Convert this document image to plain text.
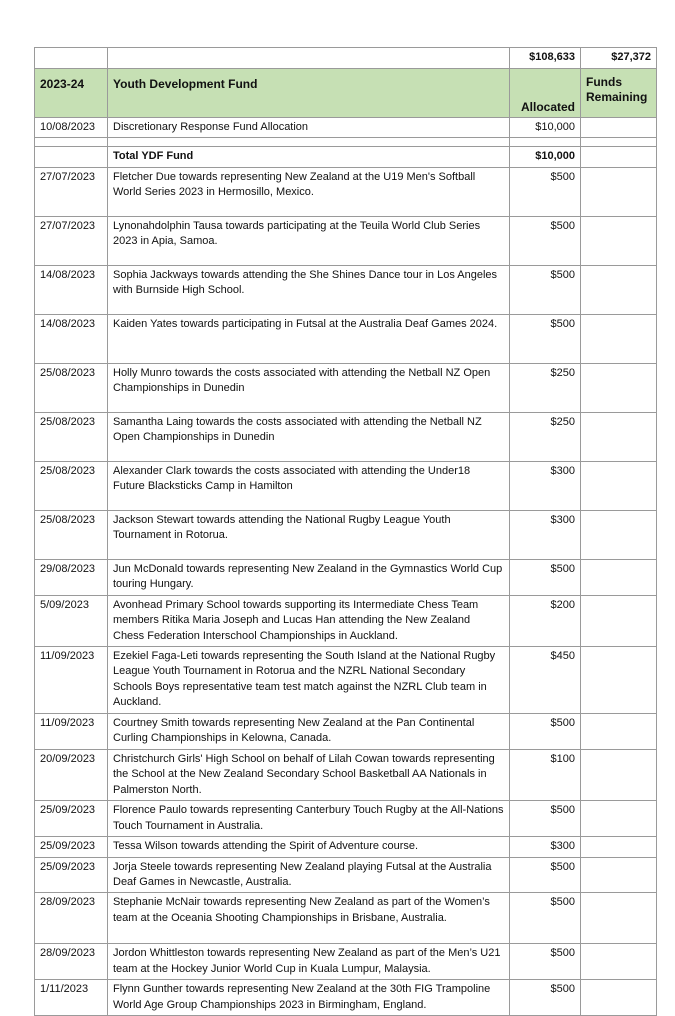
		$108,633	$27,372
2023-24	Youth Development Fund	Allocated	Funds
Remaining
10/08/2023	Discretionary Response Fund Allocation	$10,000	

	Total YDF Fund	$10,000	
27/07/2023	Fletcher Due towards representing New Zealand at the U19 Men's Softball World Series 2023 in Hermosillo, Mexico.	$500	
27/07/2023	Lynonahdolphin Tausa towards participating at the Teuila World Club Series 2023 in Apia, Samoa.	$500	
14/08/2023	Sophia Jackways towards attending the She Shines Dance tour in Los Angeles with Burnside High School.	$500	
14/08/2023	Kaiden Yates towards participating in Futsal at the Australia Deaf Games 2024.	$500	
25/08/2023	Holly Munro towards the costs associated with attending the Netball NZ Open Championships in Dunedin	$250	
25/08/2023	Samantha Laing towards the costs associated with attending the Netball NZ Open Championships in Dunedin	$250	
25/08/2023	Alexander Clark towards the costs associated with attending the Under18 Future Blacksticks Camp in Hamilton	$300	
25/08/2023	Jackson Stewart towards attending the National Rugby League Youth Tournament in Rotorua.	$300	
29/08/2023	Jun McDonald towards representing New Zealand in the Gymnastics World Cup touring Hungary.	$500	
5/09/2023	Avonhead Primary School towards supporting its Intermediate Chess Team members Ritika Maria Joseph and Lucas Han attending the New Zealand Chess Federation Interschool Championships in Auckland.	$200	
11/09/2023	Ezekiel Faga-Leti towards representing the South Island at the National Rugby League Youth Tournament in Rotorua and the NZRL National Secondary Schools Boys representative team test match against the NZRL Club team in Auckland.	$450	
11/09/2023	Courtney Smith towards representing New Zealand at the Pan Continental Curling Championships in Kelowna, Canada.	$500	
20/09/2023	Christchurch Girls' High School on behalf of Lilah Cowan towards representing the School at the New Zealand Secondary School Basketball AA Nationals in Palmerston North.	$100	
25/09/2023	Florence Paulo towards representing Canterbury Touch Rugby at the All-Nations Touch Tournament in Australia.	$500	
25/09/2023	Tessa Wilson towards attending the Spirit of Adventure course.	$300	
25/09/2023	Jorja Steele towards representing New Zealand playing Futsal at the Australia Deaf Games in Newcastle, Australia.	$500	
28/09/2023	Stephanie McNair towards representing New Zealand as part of the Women’s team at the Oceania Shooting Championships in Brisbane, Australia.	$500	
28/09/2023	Jordon Whittleston towards representing New Zealand as part of the Men’s U21 team at the Hockey Junior World Cup in Kuala Lumpur, Malaysia.	$500	
1/11/2023	Flynn Gunther towards representing New Zealand at the 30th FIG Trampoline World Age Group Championships 2023 in Birmingham, England.	$500	
